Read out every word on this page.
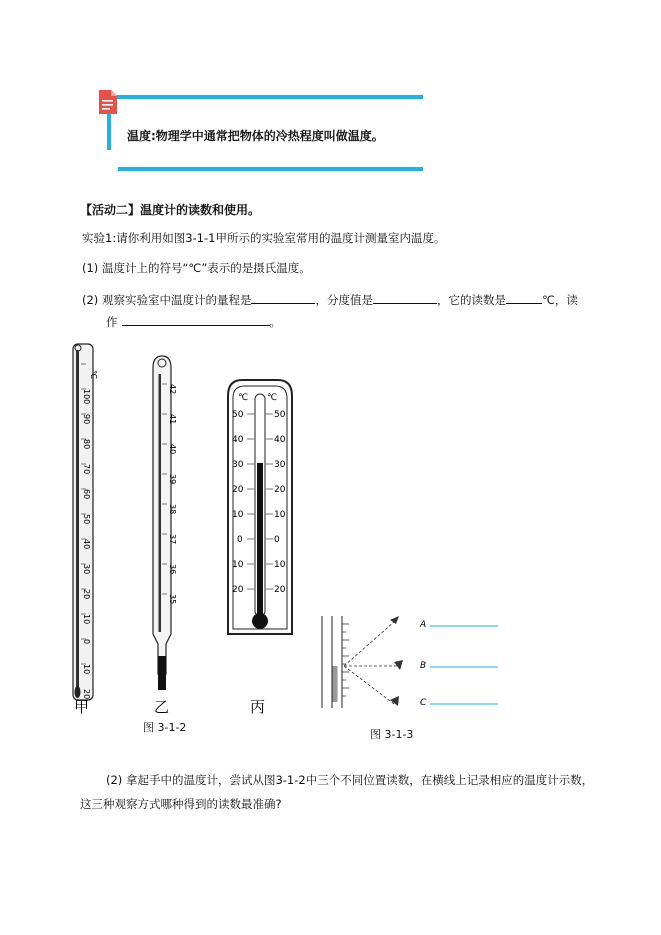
温度:物理学中通常把物体的冷热程度叫做温度。
【活动二】温度计的读数和使用。
实验1:请你利用如图3-1-1甲所示的实验室常用的温度计测量室内温度。
(1) 温度计上的符号“℃”表示的是摄氏温度。
(2) 观察实验室中温度计的量程是	，分度值是	，它的读数是	℃，读
作	。
℃
100
90
80
70
60
50
40
30
20
10
0
10
20
甲
42
41
40
39
38
37
36
35
乙
℃ ℃
50
40
30
20
10
0
10
20
50
40
30
20
10
0
10
20
丙
图 3-1-2
A
B
C
图 3-1-3
(2) 拿起手中的温度计，尝试从图3-1-2中三个不同位置读数，在横线上记录相应的温度计示数，这三种观察方式哪种得到的读数最准确?
